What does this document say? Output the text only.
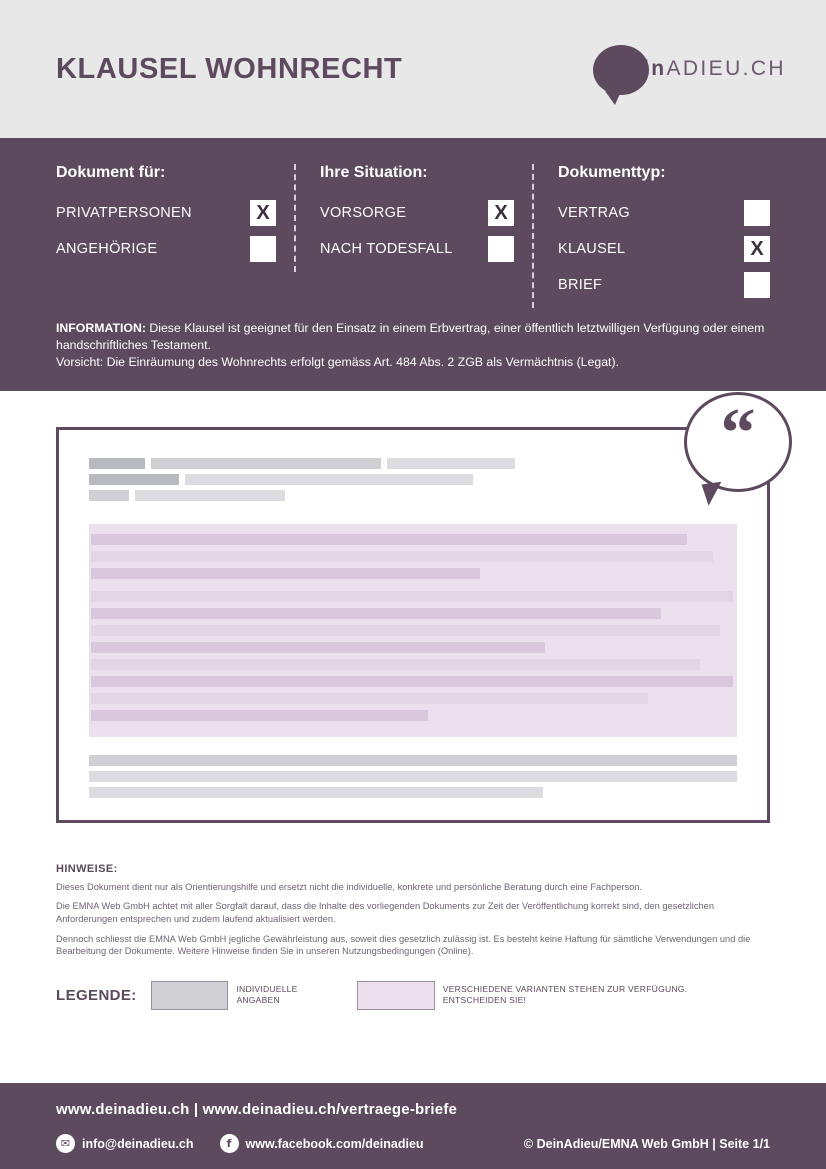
KLAUSEL WOHNRECHT	DeinADIEU.CH
Dokument für:
PRIVATPERSONEN	X
ANGEHÖRIGE
Ihre Situation:
VORSORGE	X
NACH TODESFALL
Dokumenttyp:
VERTRAG
KLAUSEL	X
BRIEF
INFORMATION: Diese Klausel ist geeignet für den Einsatz in einem Erbvertrag, einer öffentlich letztwilligen Verfügung oder einem handschriftliches Testament.
Vorsicht: Die Einräumung des Wohnrechts erfolgt gemäss Art. 484 Abs. 2 ZGB als Vermächtnis (Legat).
“
HINWEISE:

Dieses Dokument dient nur als Orientierungshilfe und ersetzt nicht die individuelle, konkrete und persönliche Beratung durch eine Fachperson.

Die EMNA Web GmbH achtet mit aller Sorgfalt darauf, dass die Inhalte des vorliegenden Dokuments zur Zeit der Veröffentlichung korrekt sind, den gesetzlichen Anforderungen entsprechen und zudem laufend aktualisiert werden.

Dennoch schliesst die EMNA Web GmbH jegliche Gewährleistung aus, soweit dies gesetzlich zulässig ist. Es besteht keine Haftung für sämtliche Verwendungen und die Bearbeitung der Dokumente. Weitere Hinweise finden Sie in unseren Nutzungsbedingungen (Online).

LEGENDE:	INDIVIDUELLE ANGABEN
VERSCHIEDENE VARIANTEN STEHEN ZUR VERFÜGUNG. ENTSCHEIDEN SIE!
www.deinadieu.ch | www.deinadieu.ch/vertraege-briefe
✉ info@deinadieu.ch	f	www.facebook.com/deinadieu	© DeinAdieu/EMNA Web GmbH | Seite 1/1
